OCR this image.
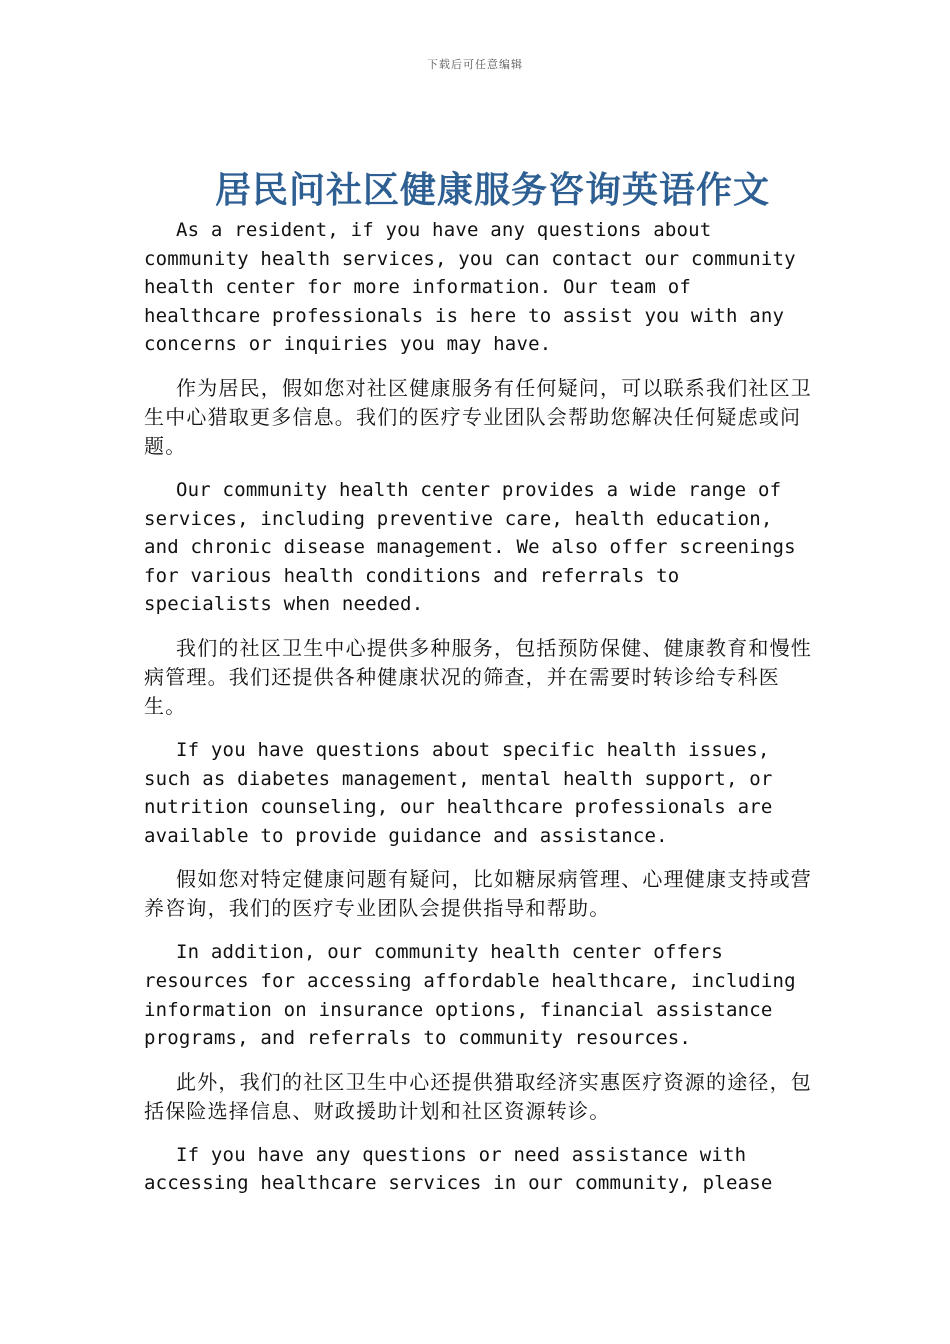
下载后可任意编辑
居民问社区健康服务咨询英语作文

As a resident, if you have any questions about community health services, you can contact our community health center for more information. Our team of healthcare professionals is here to assist you with any concerns or inquiries you may have.

作为居民，假如您对社区健康服务有任何疑问，可以联系我们社区卫生中心猎取更多信息。我们的医疗专业团队会帮助您解决任何疑虑或问题。

Our community health center provides a wide range of services, including preventive care, health education, and chronic disease management. We also offer screenings for various health conditions and referrals to specialists when needed.

我们的社区卫生中心提供多种服务，包括预防保健、健康教育和慢性病管理。我们还提供各种健康状况的筛查，并在需要时转诊给专科医生。

If you have questions about specific health issues, such as diabetes management, mental health support, or nutrition counseling, our healthcare professionals are available to provide guidance and assistance.

假如您对特定健康问题有疑问，比如糖尿病管理、心理健康支持或营养咨询，我们的医疗专业团队会提供指导和帮助。

In addition, our community health center offers resources for accessing affordable healthcare, including information on insurance options, financial assistance programs, and referrals to community resources.

此外，我们的社区卫生中心还提供猎取经济实惠医疗资源的途径，包括保险选择信息、财政援助计划和社区资源转诊。

If you have any questions or need assistance with accessing healthcare services in our community, please
